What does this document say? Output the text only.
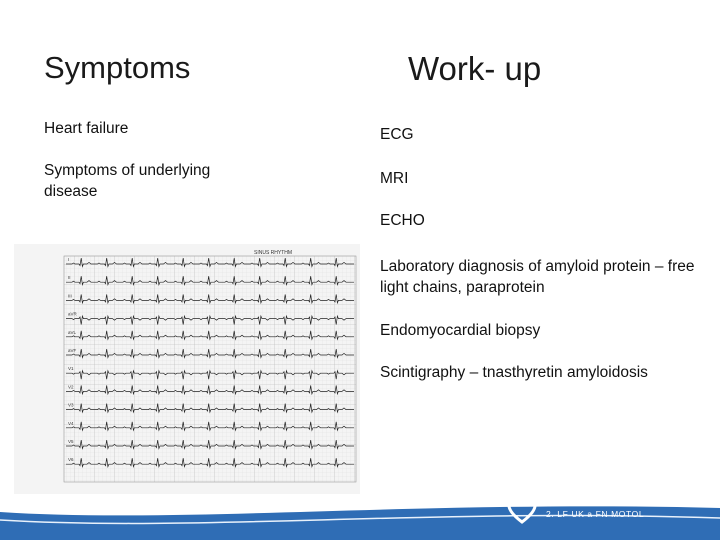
Symptoms	Work- up
Heart failure
Symptoms of underlying disease
ECG
MRI
ECHO
Laboratory diagnosis of amyloid protein – free light chains, paraprotein
Endomyocardial biopsy
Scintigraphy – tnasthyretin amyloidosis
SINUS RHYTHM
I
II
III
aVR
aVL
aVF
V1
V2
V3
V4
V5
V6
KARDIOLOGICKÁ KLINIKA
2. LF UK a FN MOTOL
